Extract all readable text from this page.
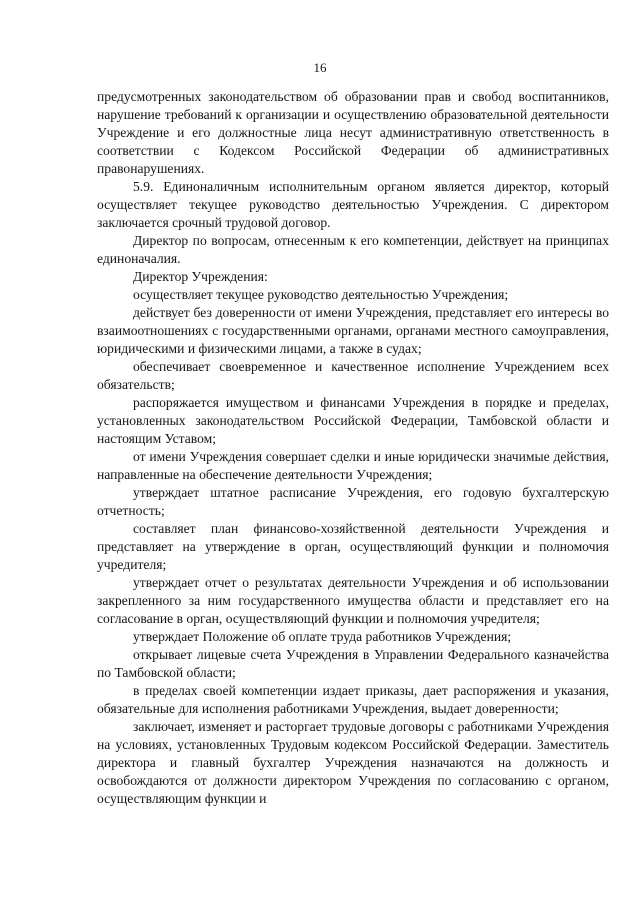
16

предусмотренных законодательством об образовании прав и свобод воспитанников, нарушение требований к организации и осуществлению образовательной деятельности Учреждение и его должностные лица несут административную ответственность в соответствии с Кодексом Российской Федерации об административных правонарушениях.

5.9. Единоналичным исполнительным органом является директор, который осуществляет текущее руководство деятельностью Учреждения. С директором заключается срочный трудовой договор.

Директор по вопросам, отнесенным к его компетенции, действует на принципах единоначалия.

Директор Учреждения:

осуществляет текущее руководство деятельностью Учреждения;

действует без доверенности от имени Учреждения, представляет его интересы во взаимоотношениях с государственными органами, органами местного самоуправления, юридическими и физическими лицами, а также в судах;

обеспечивает своевременное и качественное исполнение Учреждением всех обязательств;

распоряжается имуществом и финансами Учреждения в порядке и пределах, установленных законодательством Российской Федерации, Тамбовской области и настоящим Уставом;

от имени Учреждения совершает сделки и иные юридически значимые действия, направленные на обеспечение деятельности Учреждения;

утверждает штатное расписание Учреждения, его годовую бухгалтерскую отчетность;

составляет план финансово-хозяйственной деятельности Учреждения и представляет на утверждение в орган, осуществляющий функции и полномочия учредителя;

утверждает отчет о результатах деятельности Учреждения и об использовании закрепленного за ним государственного имущества области и представляет его на согласование в орган, осуществляющий функции и полномочия учредителя;

утверждает Положение об оплате труда работников Учреждения;

открывает лицевые счета Учреждения в Управлении Федерального казначейства по Тамбовской области;

в пределах своей компетенции издает приказы, дает распоряжения и указания, обязательные для исполнения работниками Учреждения, выдает доверенности;

заключает, изменяет и расторгает трудовые договоры с работниками Учреждения на условиях, установленных Трудовым кодексом Российской Федерации. Заместитель директора и главный бухгалтер Учреждения назначаются на должность и освобождаются от должности директором Учреждения по согласованию с органом, осуществляющим функции и
